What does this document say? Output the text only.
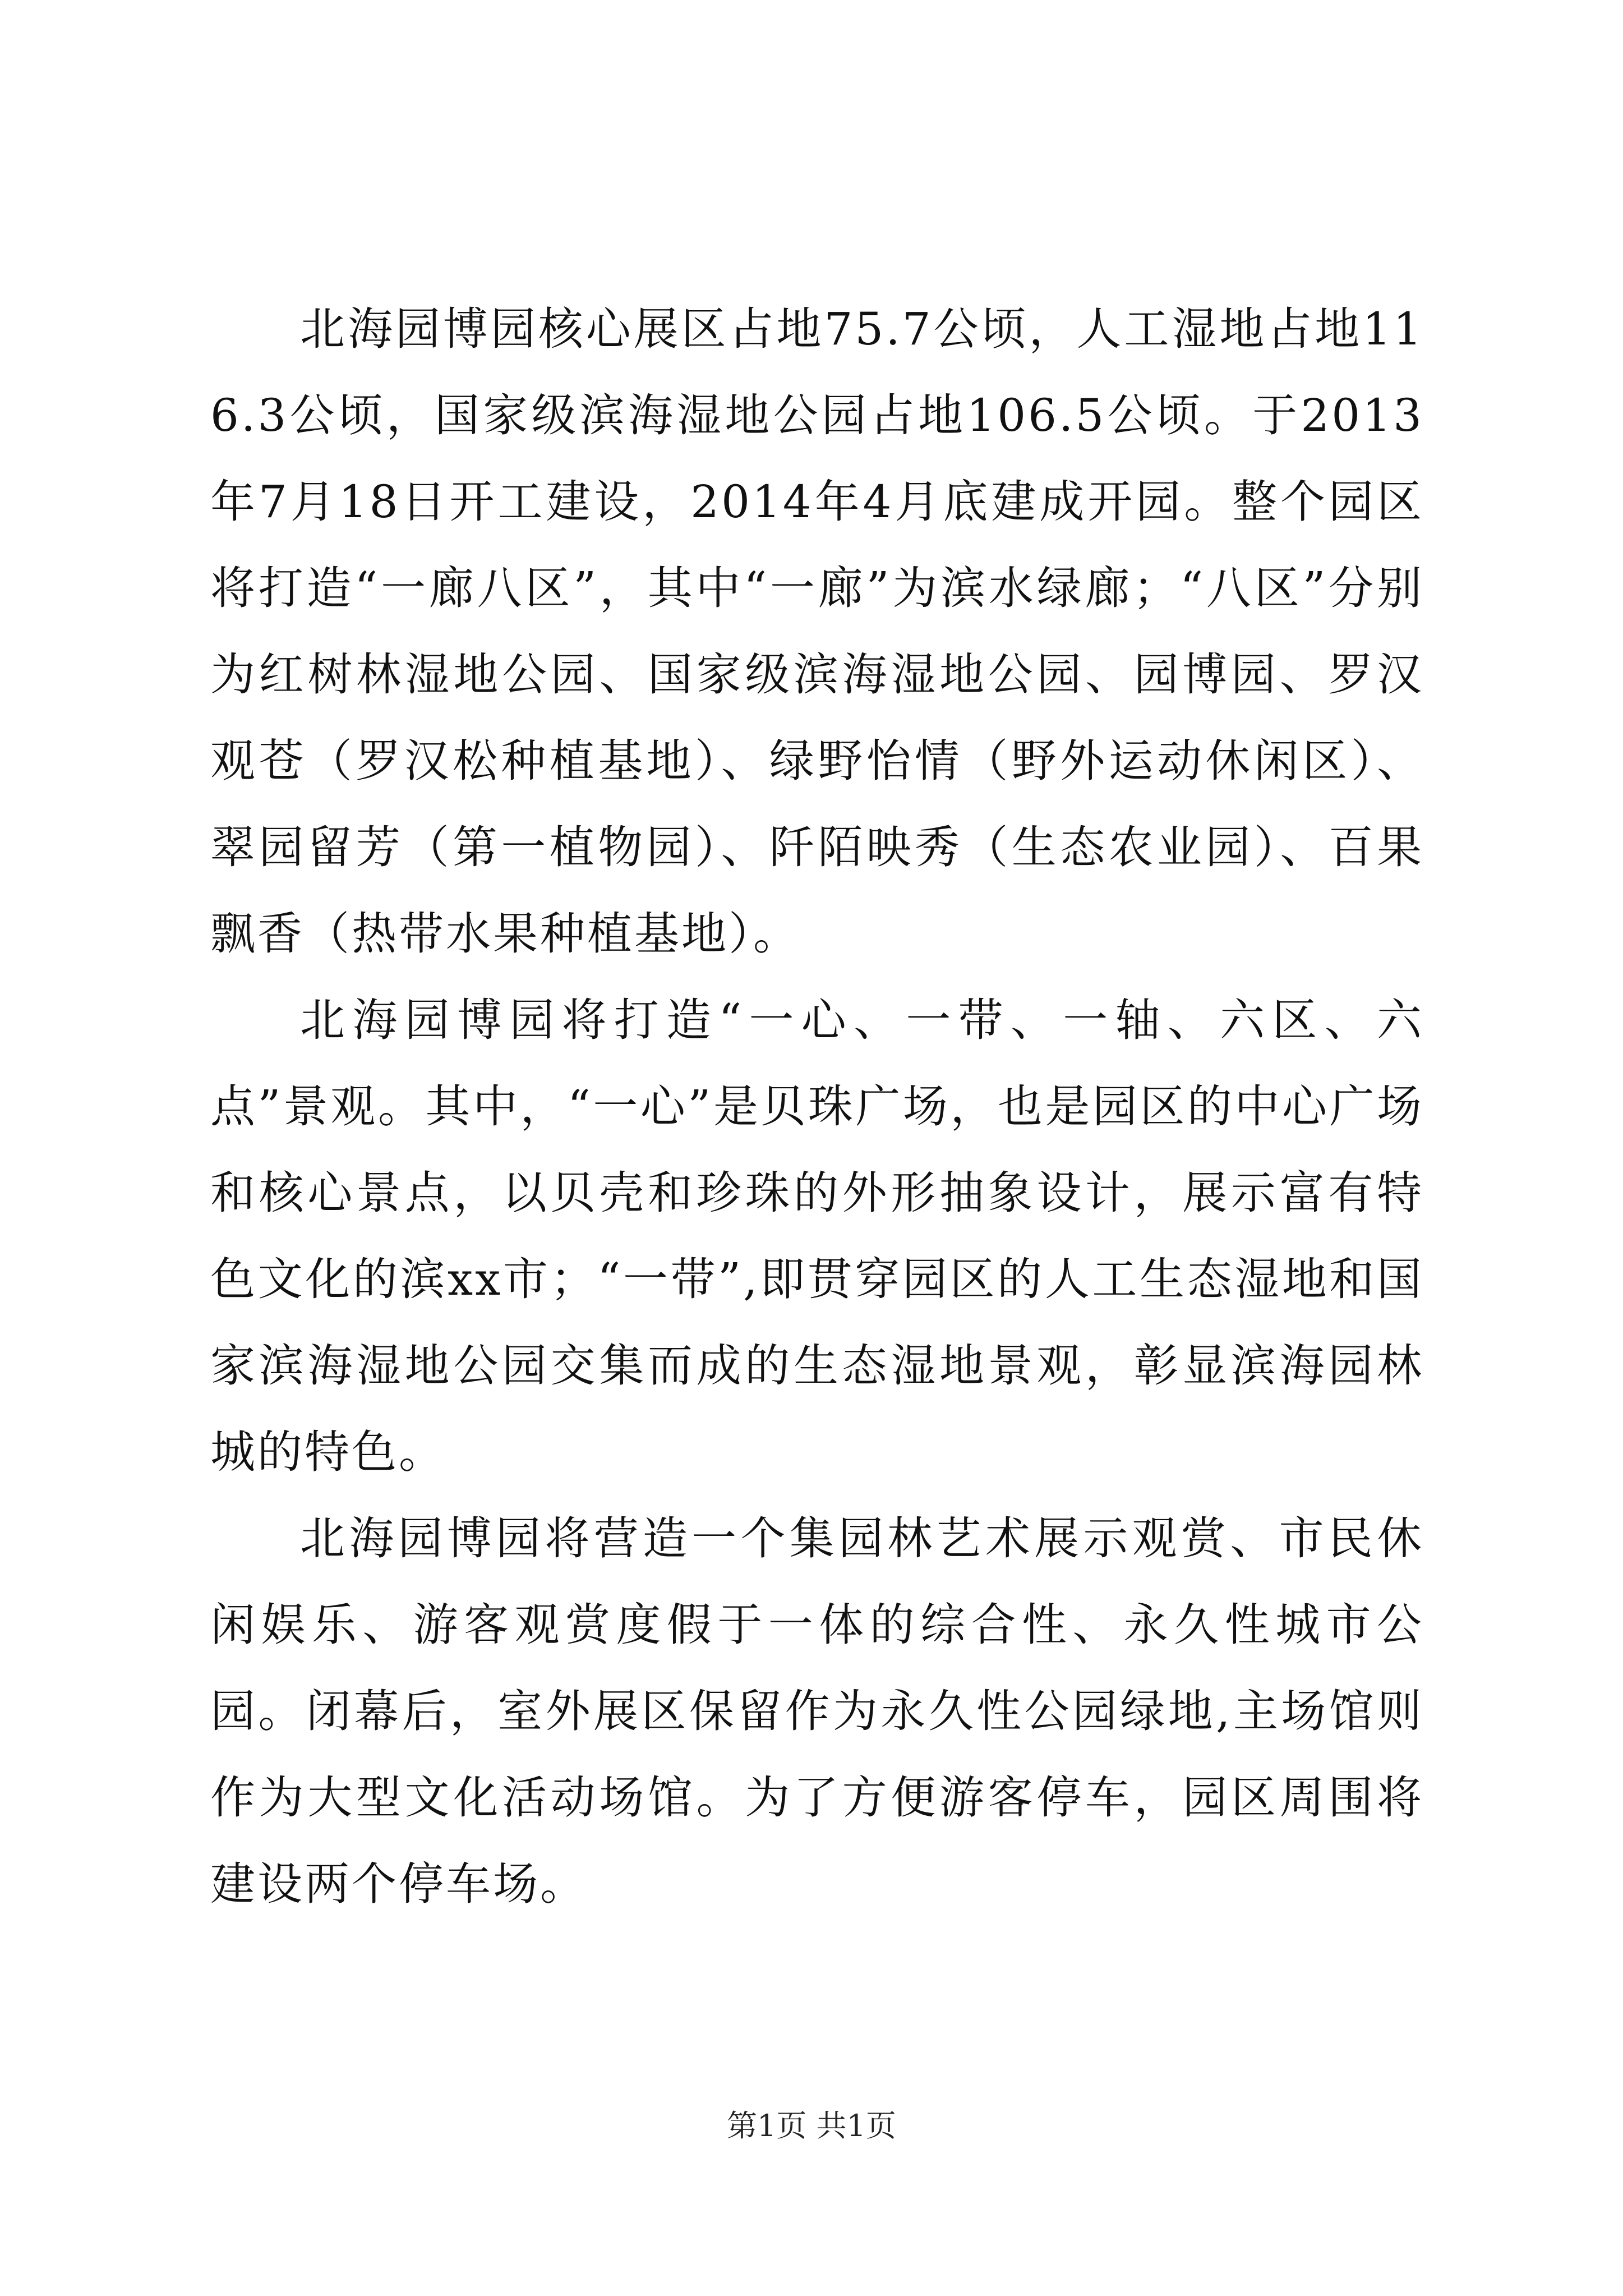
北海园博园核心展区占地75.7公顷，人工湿地占地116.3公顷，国家级滨海湿地公园占地106.5公顷。于2013年7月18日开工建设，2014年4月底建成开园。整个园区将打造“一廊八区”，其中“一廊”为滨水绿廊；“八区”分别为红树林湿地公园、国家级滨海湿地公园、园博园、罗汉观苍（罗汉松种植基地）、绿野怡情（野外运动休闲区）、翠园留芳（第一植物园）、阡陌映秀（生态农业园）、百果飘香（热带水果种植基地）。

北海园博园将打造“一心、一带、一轴、六区、六点”景观。其中，“一心”是贝珠广场，也是园区的中心广场和核心景点，以贝壳和珍珠的外形抽象设计，展示富有特色文化的滨xx市；“一带”,即贯穿园区的人工生态湿地和国家滨海湿地公园交集而成的生态湿地景观，彰显滨海园林城的特色。

北海园博园将营造一个集园林艺术展示观赏、市民休闲娱乐、游客观赏度假于一体的综合性、永久性城市公园。闭幕后，室外展区保留作为永久性公园绿地,主场馆则作为大型文化活动场馆。为了方便游客停车，园区周围将建设两个停车场。

第1页 共1页
